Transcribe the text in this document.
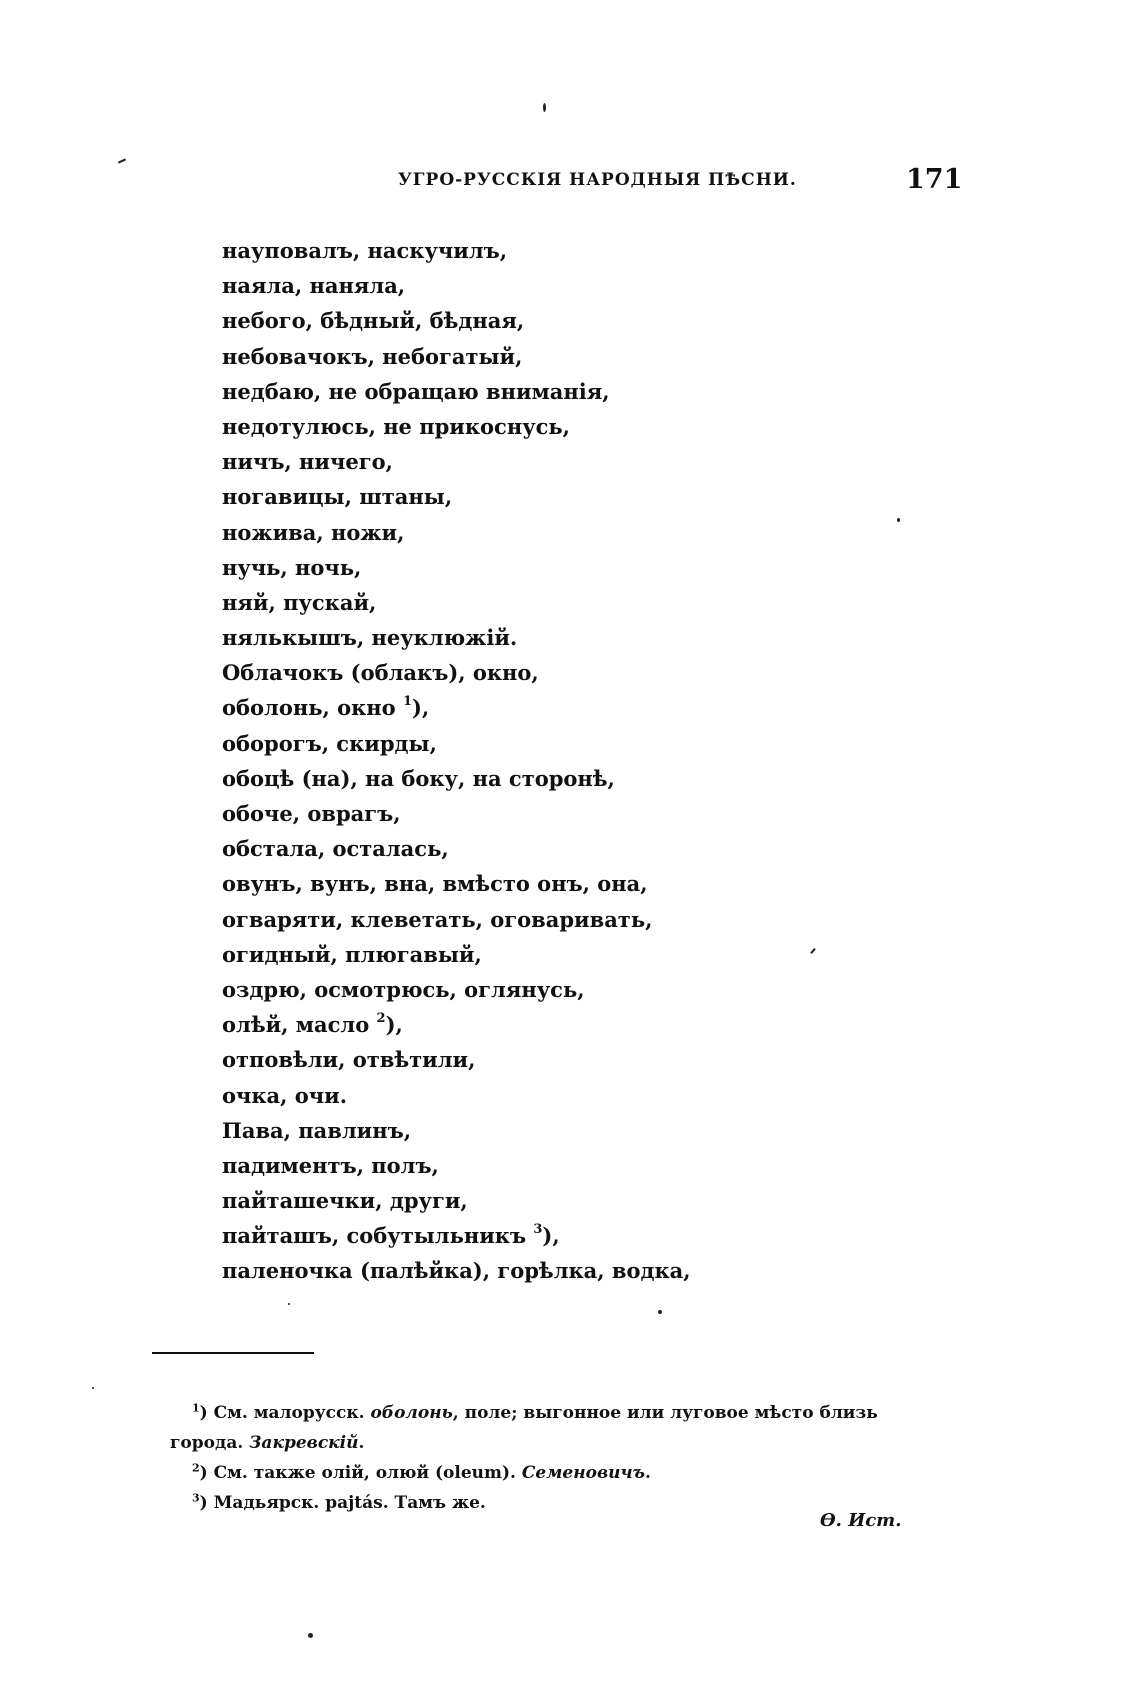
УГРО-РУССКІЯ НАРОДНЫЯ ПѢСНИ.	171
науповалъ, наскучилъ,
наяла, наняла,
небого, бѣдный, бѣдная,
небовачокъ, небогатый,
недбаю, не обращаю вниманія,
недотулюсь, не прикоснусь,
ничъ, ничего,
ногавицы, штаны,
ножива, ножи,
нучь, ночь,
няй, пускай,
нялькышъ, неуклюжій.
Облачокъ (облакъ), окно,
оболонь, окно $^1$),
оборогъ, скирды,
обоцѣ (на), на боку, на сторонѣ,
обоче, оврагъ,
обстала, осталась,
овунъ, вунъ, вна, вмѣсто онъ, она,
огваряти, клеветать, оговаривать,
огидный, плюгавый,
оздрю, осмотрюсь, оглянусь,
олѣй, масло $^2$),
отповѣли, отвѣтили,
очка, очи.
Пава, павлинъ,
падиментъ, полъ,
пайташечки, други,
пайташъ, собутыльникъ $^3$),
паленочка (палѣйка), горѣлка, водка,
$^1$) См. малорусск. оболонь, поле; выгонное или луговое мѣсто близь города. Закревскій.
$^2$) См. также олій, олюй (oleum). Семеновичъ.
$^3$) Мадьярск. pajtás. Тамъ же.
Ѳ. Ист.
